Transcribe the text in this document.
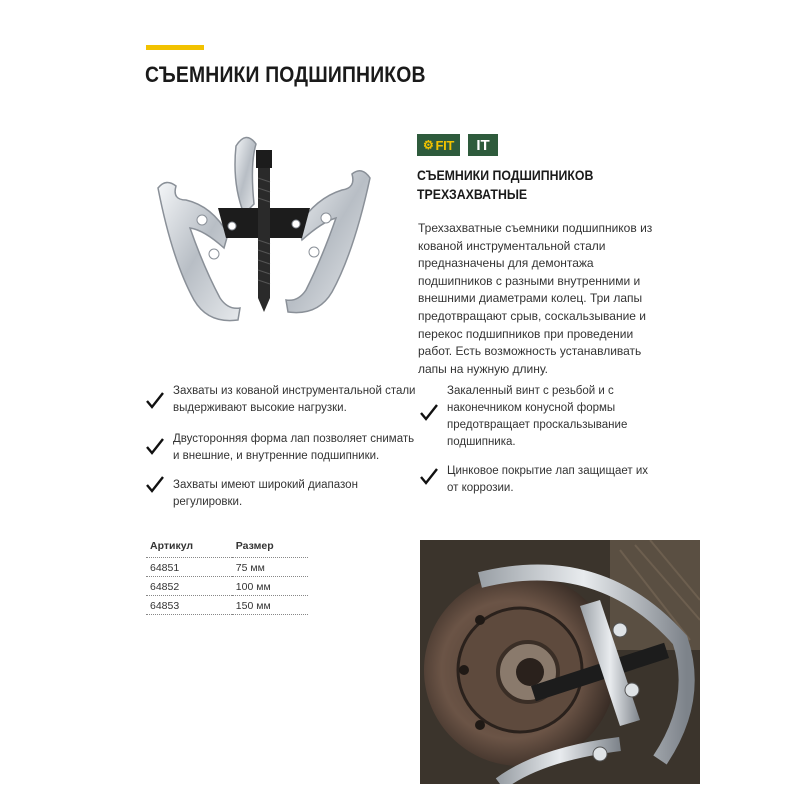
СЪЕМНИКИ ПОДШИПНИКОВ
⚙ FIT	IT
СЪЕМНИКИ ПОДШИПНИКОВ
ТРЕХЗАХВАТНЫЕ

Трехзахватные съемники подшипников из кованой инструментальной стали предназначены для демонтажа подшипников с разными внутренними и внешними диаметрами колец. Три лапы предотвращают срыв, соскальзывание и перекос подшипников при проведении работ. Есть возможность устанавливать лапы на нужную длину.

Захваты из кованой инструментальной стали выдерживают высокие нагрузки.
Двусторонняя форма лап позволяет снимать и внешние, и внутренние подшипники.
Захваты имеют широкий диапазон регулировки.
Закаленный винт с резьбой и с наконечником конусной формы предотвращает проскальзывание подшипника.
Цинковое покрытие лап защищает их от коррозии.
Артикул	Размер
64851	75 мм
64852	100 мм
64853	150 мм
